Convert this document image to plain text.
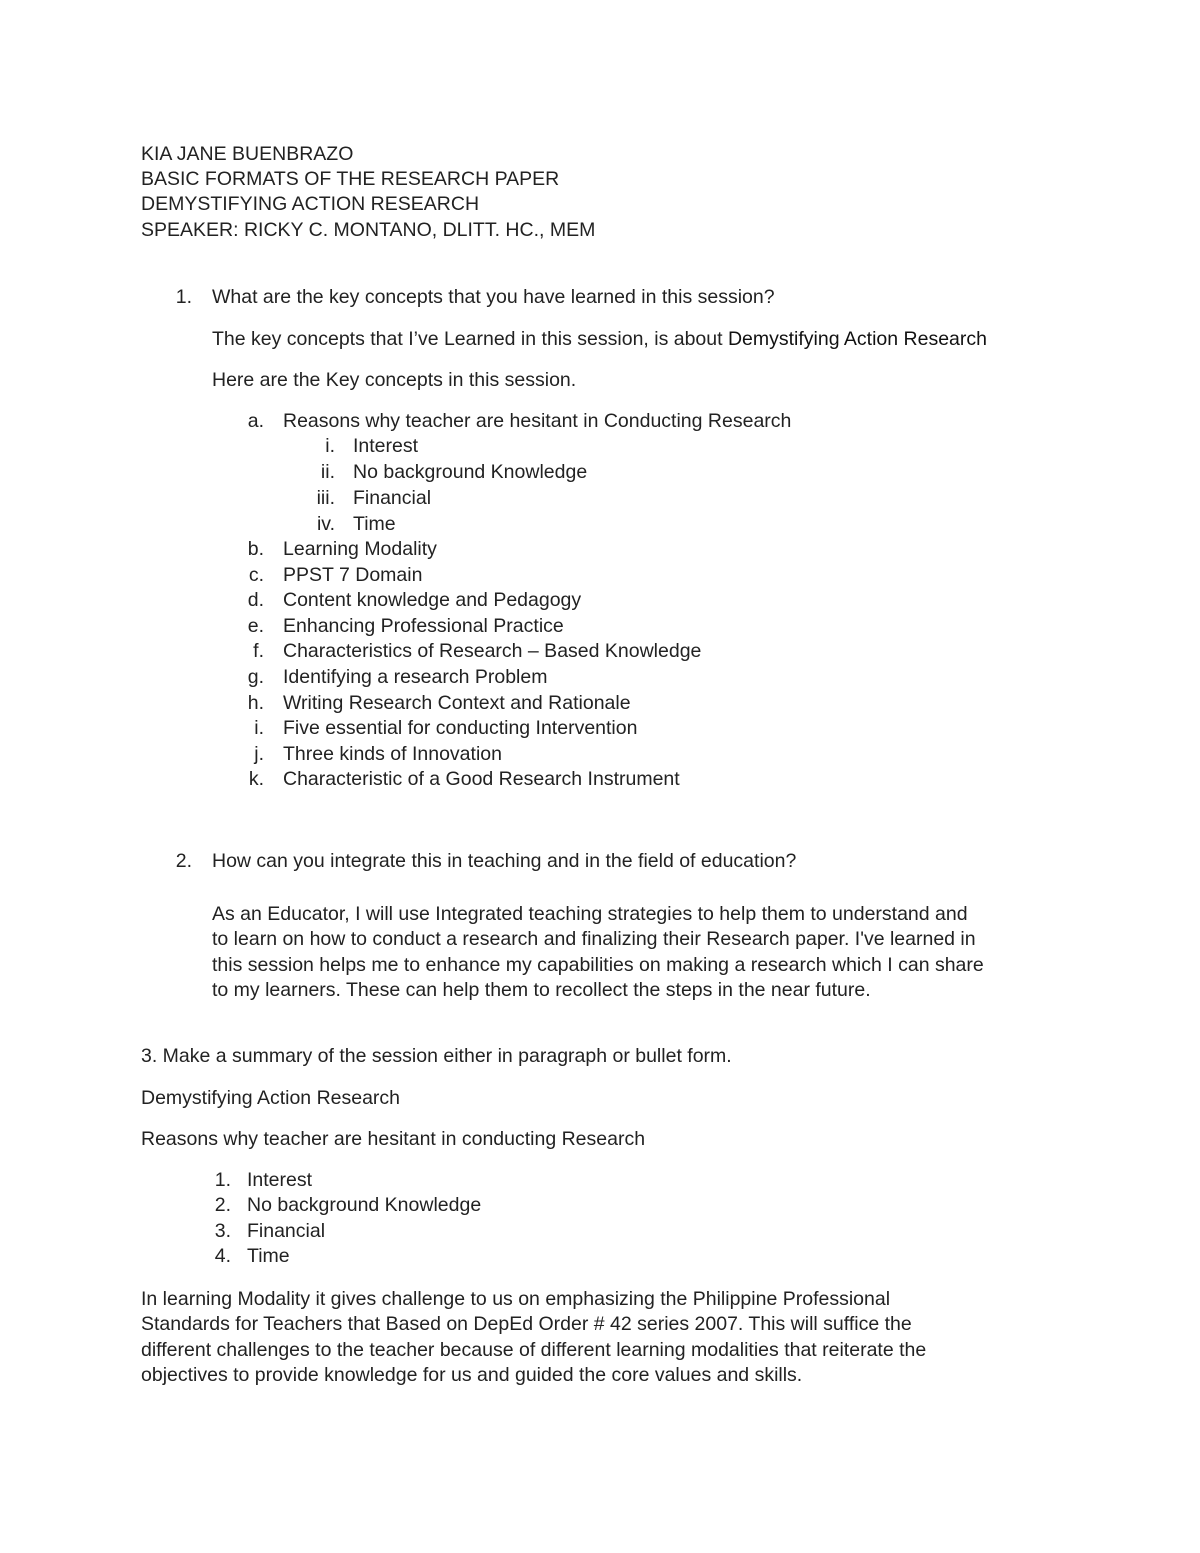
KIA JANE BUENBRAZO
BASIC FORMATS OF THE RESEARCH PAPER
DEMYSTIFYING ACTION RESEARCH
SPEAKER: RICKY C. MONTANO, DLITT. HC., MEM
1. What are the key concepts that you have learned in this session?
The key concepts that I’ve Learned in this session, is about Demystifying Action Research
Here are the Key concepts in this session.
a. Reasons why teacher are hesitant in Conducting Research
i. Interest
ii. No background Knowledge
iii. Financial
iv. Time
b. Learning Modality
c. PPST 7 Domain
d. Content knowledge and Pedagogy
e. Enhancing Professional Practice
f. Characteristics of Research – Based Knowledge
g. Identifying a research Problem
h. Writing Research Context and Rationale
i. Five essential for conducting Intervention
j. Three kinds of Innovation
k. Characteristic of a Good Research Instrument
2. How can you integrate this in teaching and in the field of education?
As an Educator, I will use Integrated teaching strategies to help them to understand and
to learn on how to conduct a research and finalizing their Research paper. I've learned in
this session helps me to enhance my capabilities on making a research which I can share
to my learners. These can help them to recollect the steps in the near future.
3. Make a summary of the session either in paragraph or bullet form.
Demystifying Action Research
Reasons why teacher are hesitant in conducting Research
1. Interest
2. No background Knowledge
3. Financial
4. Time
In learning Modality it gives challenge to us on emphasizing the Philippine Professional
Standards for Teachers that Based on DepEd Order # 42 series 2007. This will suffice the
different challenges to the teacher because of different learning modalities that reiterate the
objectives to provide knowledge for us and guided the core values and skills.
